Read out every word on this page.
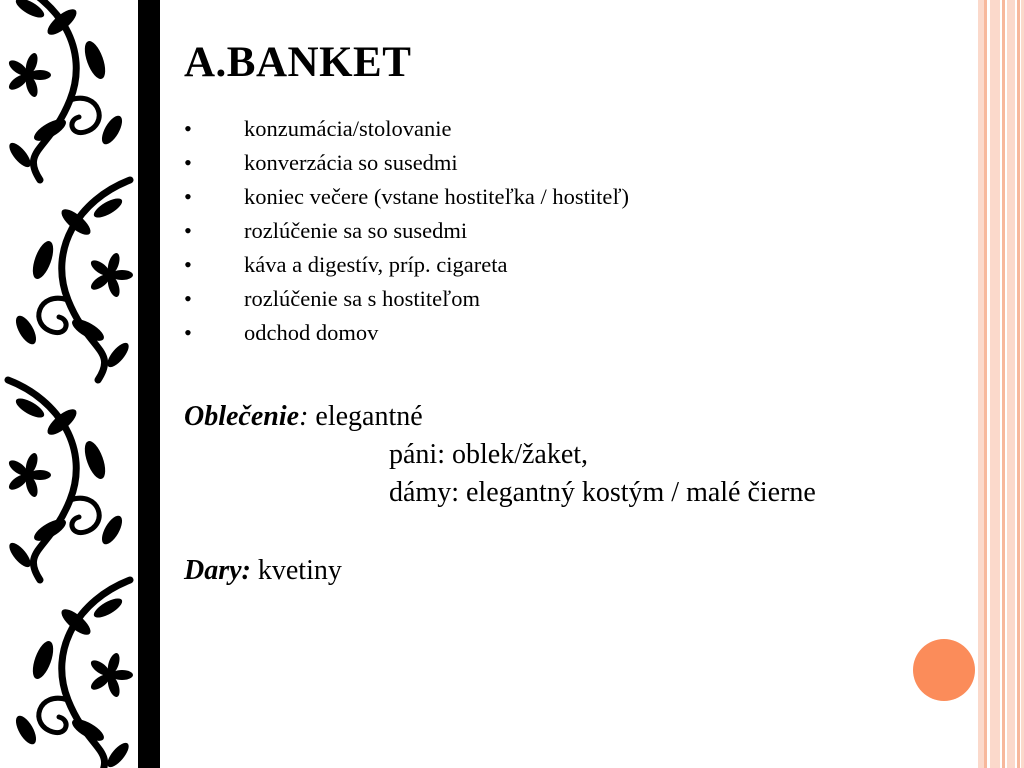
A.BANKET
• konzumácia/stolovanie
• konverzácia so susedmi
• koniec večere (vstane hostiteľka / hostiteľ)
• rozlúčenie sa so susedmi
• káva a digestív, príp. cigareta
• rozlúčenie sa s hostiteľom
• odchod domov
Oblečenie: elegantné
páni: oblek/žaket,
dámy: elegantný kostým / malé čierne
Dary: kvetiny
